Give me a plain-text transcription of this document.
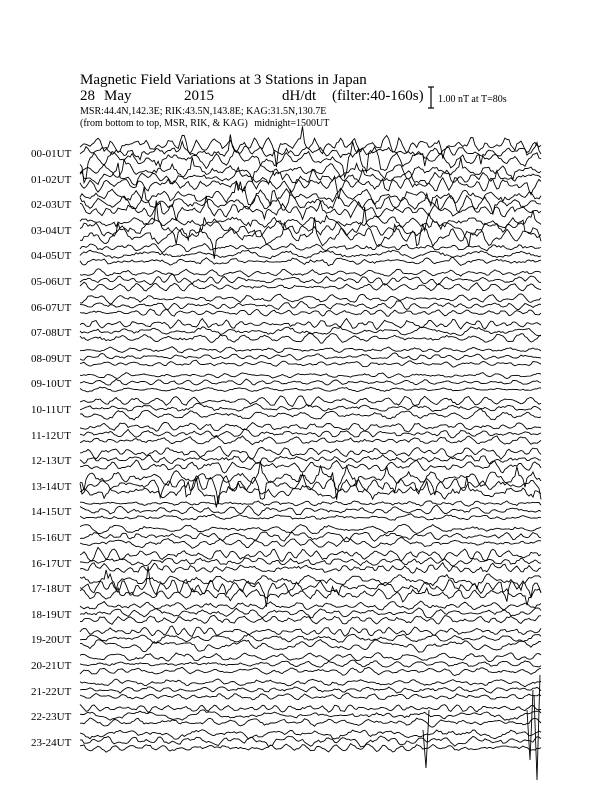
Magnetic Field Variations at 3 Stations in Japan
28 May	2015	dH/dt (filter:40-160s)
MSR:44.4N,142.3E; RIK:43.5N,143.8E; KAG:31.5N,130.7E
(from bottom to top, MSR, RIK, & KAG) midnight=1500UT
1.00 nT at T=80s
00-01UT
01-02UT
02-03UT
03-04UT
04-05UT
05-06UT
06-07UT
07-08UT
08-09UT
09-10UT
10-11UT
11-12UT
12-13UT
13-14UT
14-15UT
15-16UT
16-17UT
17-18UT
18-19UT
19-20UT
20-21UT
21-22UT
22-23UT
23-24UT
